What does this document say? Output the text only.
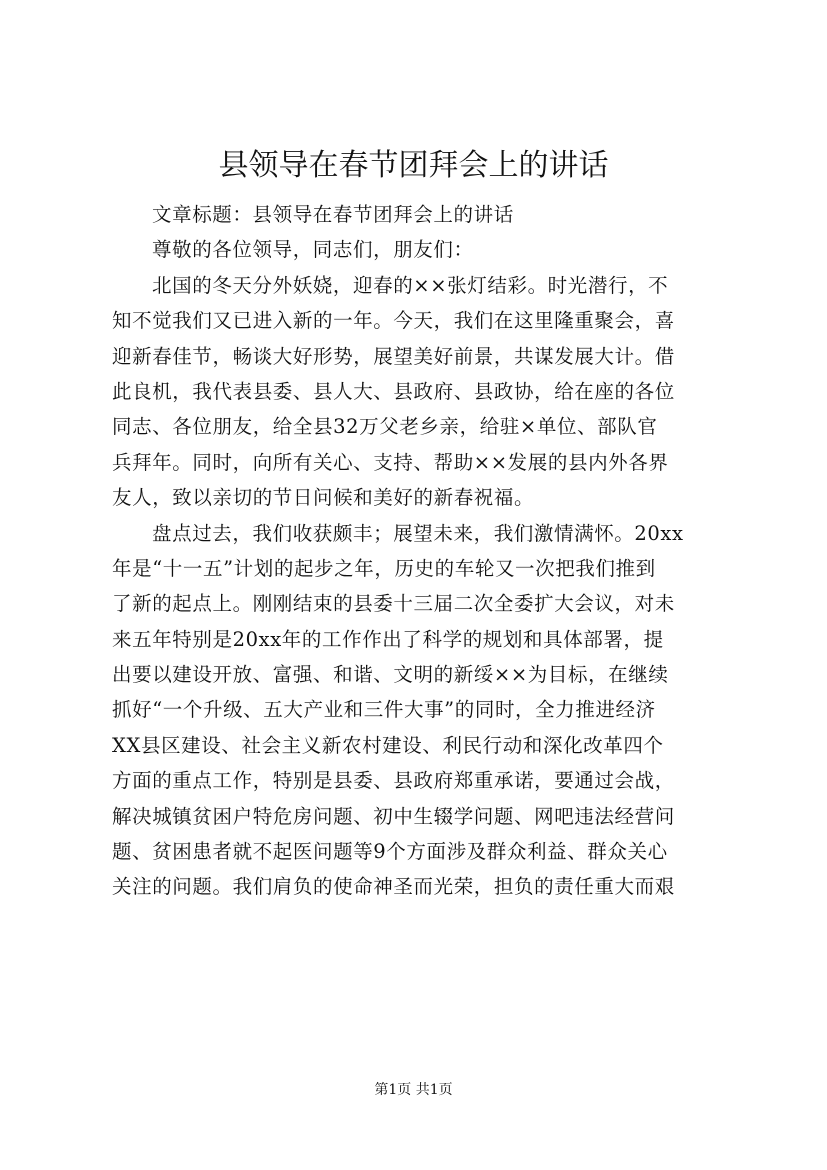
县领导在春节团拜会上的讲话
文章标题：县领导在春节团拜会上的讲话
尊敬的各位领导，同志们，朋友们：
北国的冬天分外妖娆，迎春的××张灯结彩。时光潜行，不
知不觉我们又已进入新的一年。今天，我们在这里隆重聚会，喜
迎新春佳节，畅谈大好形势，展望美好前景，共谋发展大计。借
此良机，我代表县委、县人大、县政府、县政协，给在座的各位
同志、各位朋友，给全县32万父老乡亲，给驻×单位、部队官
兵拜年。同时，向所有关心、支持、帮助××发展的县内外各界
友人，致以亲切的节日问候和美好的新春祝福。
盘点过去，我们收获颇丰；展望未来，我们激情满怀。20xx
年是“十一五”计划的起步之年，历史的车轮又一次把我们推到
了新的起点上。刚刚结束的县委十三届二次全委扩大会议，对未
来五年特别是20xx年的工作作出了科学的规划和具体部署，提
出要以建设开放、富强、和谐、文明的新绥××为目标，在继续
抓好“一个升级、五大产业和三件大事”的同时，全力推进经济
XX县区建设、社会主义新农村建设、利民行动和深化改革四个
方面的重点工作，特别是县委、县政府郑重承诺，要通过会战，
解决城镇贫困户特危房问题、初中生辍学问题、网吧违法经营问
题、贫困患者就不起医问题等9个方面涉及群众利益、群众关心
关注的问题。我们肩负的使命神圣而光荣，担负的责任重大而艰
第1页 共1页
